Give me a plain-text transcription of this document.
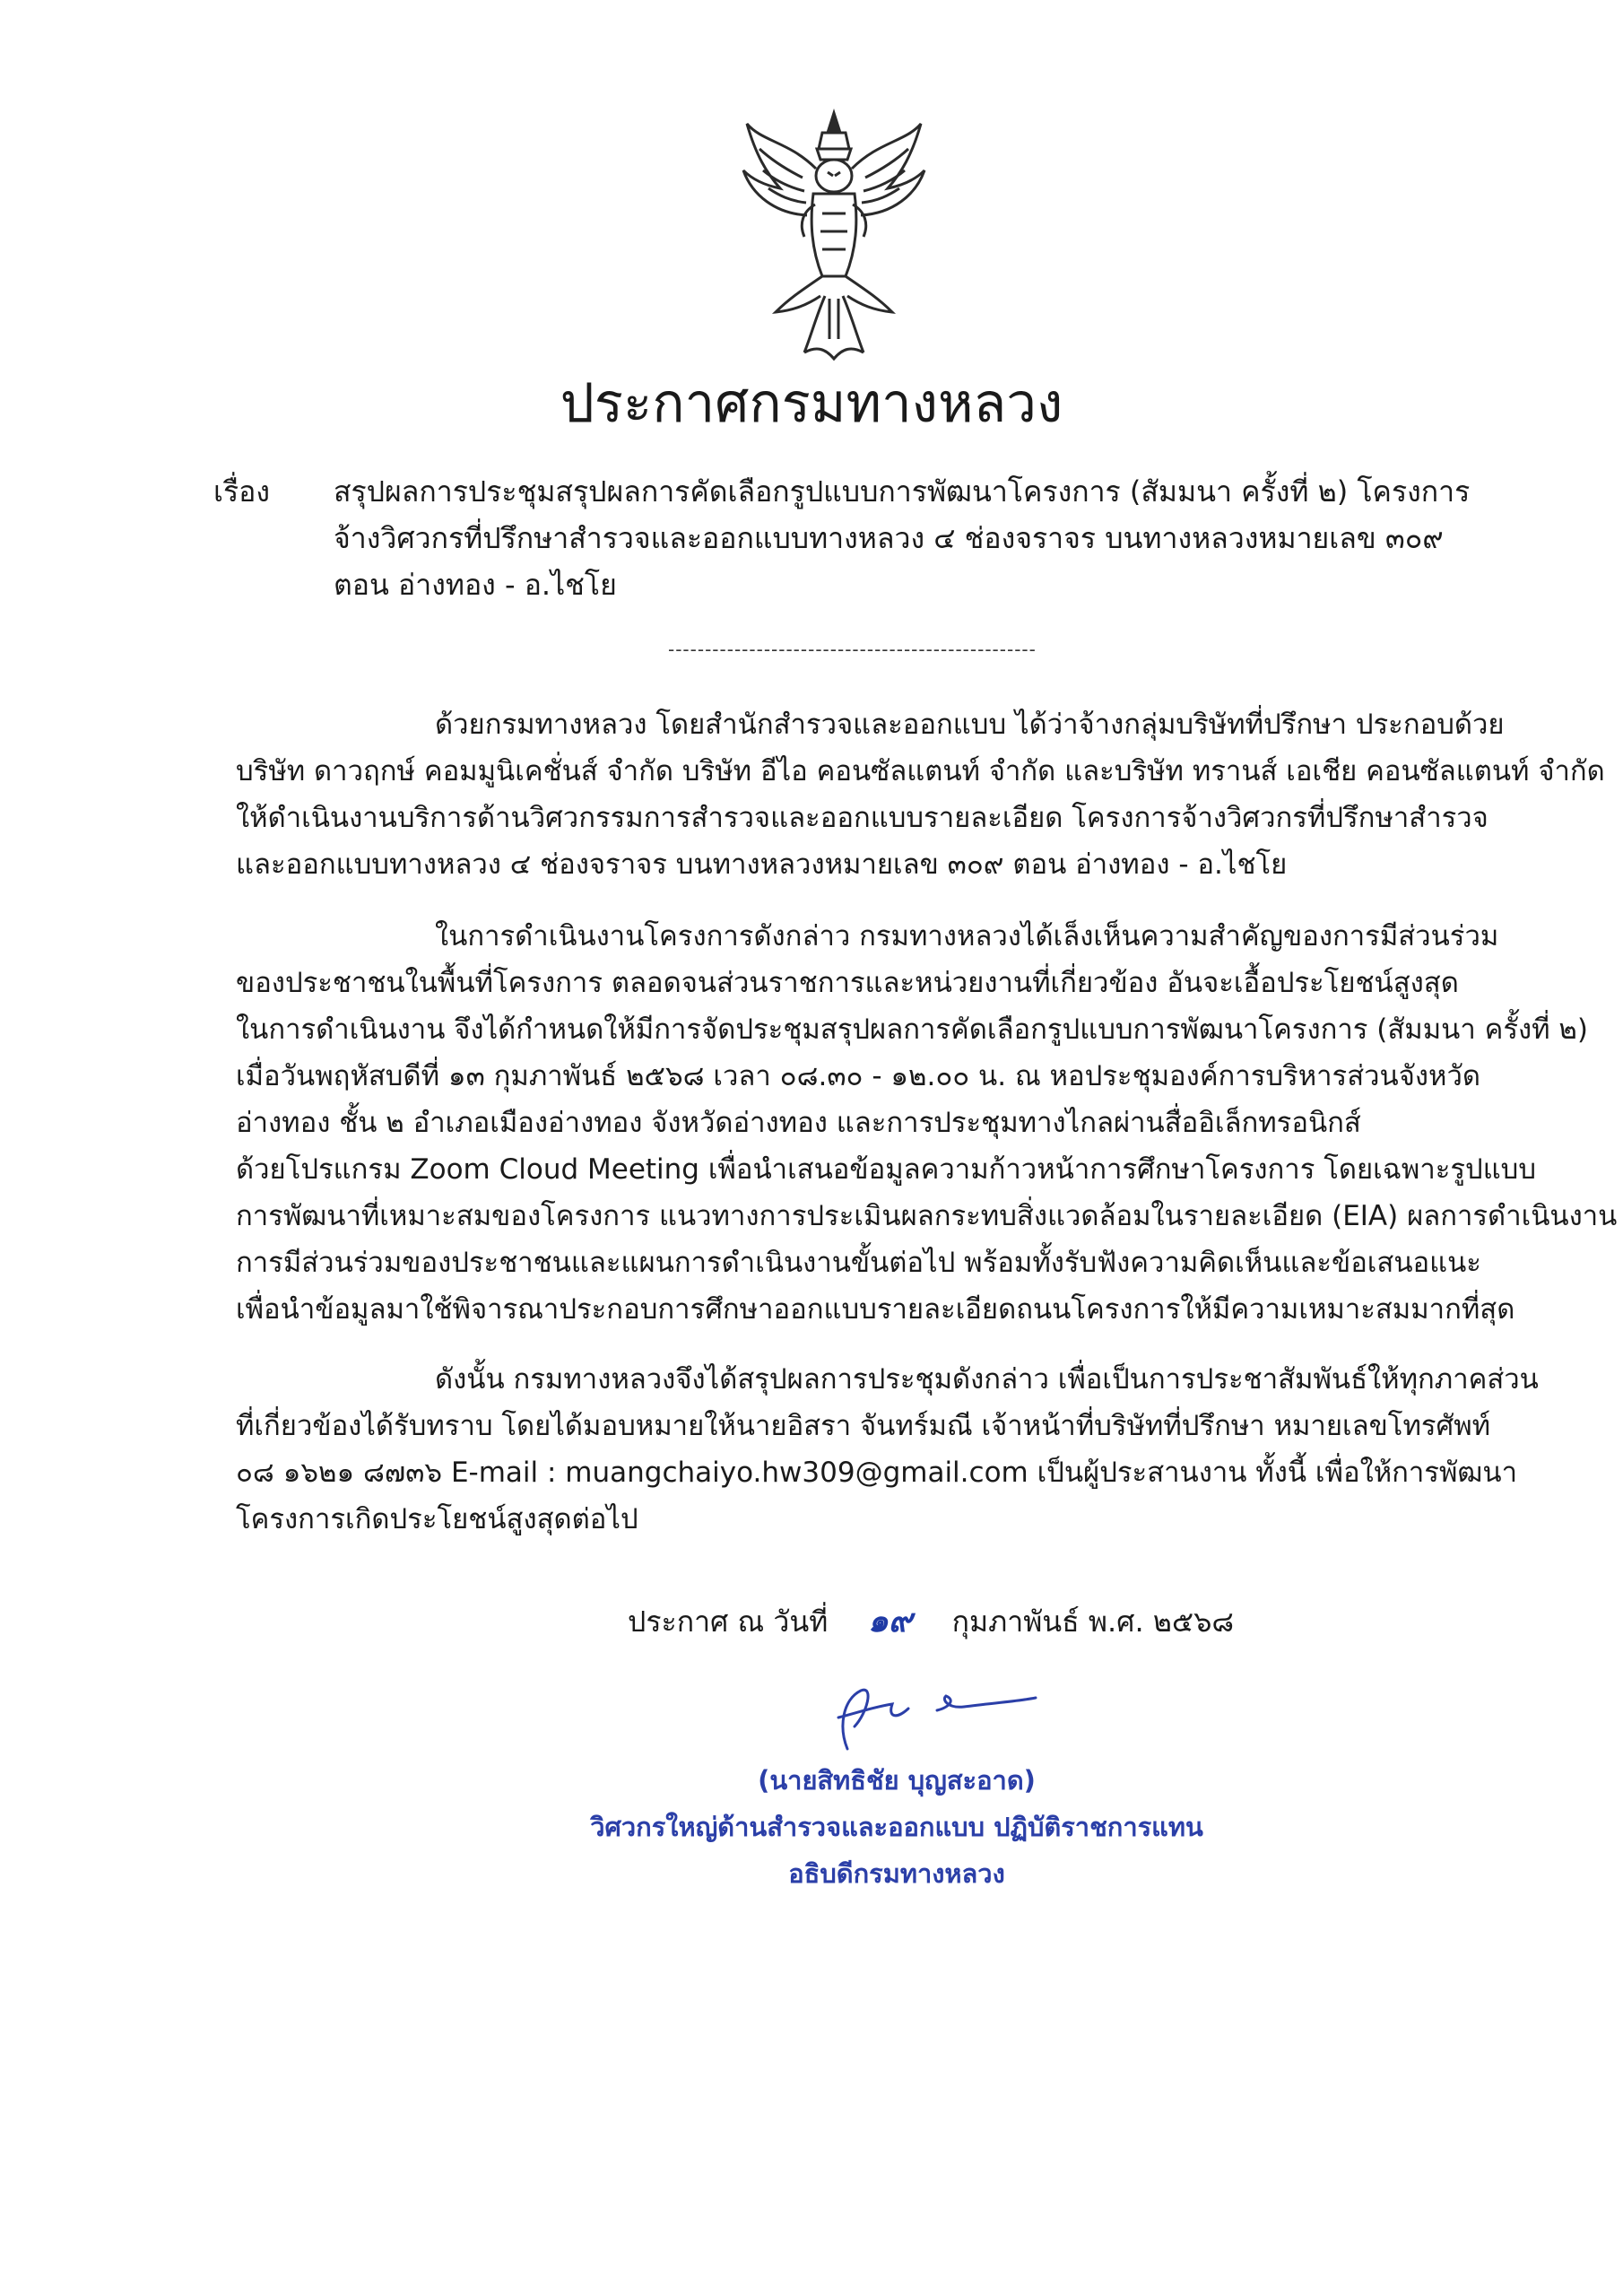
ประกาศกรมทางหลวง
เรื่อง สรุปผลการประชุมสรุปผลการคัดเลือกรูปแบบการพัฒนาโครงการ (สัมมนา ครั้งที่ ๒) โครงการ
จ้างวิศวกรที่ปรึกษาสำรวจและออกแบบทางหลวง ๔ ช่องจราจร บนทางหลวงหมายเลข ๓๐๙
ตอน อ่างทอง - อ.ไชโย
--------------------------------------------------
ด้วยกรมทางหลวง โดยสำนักสำรวจและออกแบบ ได้ว่าจ้างกลุ่มบริษัทที่ปรึกษา ประกอบด้วย
บริษัท ดาวฤกษ์ คอมมูนิเคชั่นส์ จำกัด บริษัท อีไอ คอนซัลแตนท์ จำกัด และบริษัท ทรานส์ เอเชีย คอนซัลแตนท์ จำกัด
ให้ดำเนินงานบริการด้านวิศวกรรมการสำรวจและออกแบบรายละเอียด โครงการจ้างวิศวกรที่ปรึกษาสำรวจ
และออกแบบทางหลวง ๔ ช่องจราจร บนทางหลวงหมายเลข ๓๐๙ ตอน อ่างทอง - อ.ไชโย
ในการดำเนินงานโครงการดังกล่าว กรมทางหลวงได้เล็งเห็นความสำคัญของการมีส่วนร่วม
ของประชาชนในพื้นที่โครงการ ตลอดจนส่วนราชการและหน่วยงานที่เกี่ยวข้อง อันจะเอื้อประโยชน์สูงสุด
ในการดำเนินงาน จึงได้กำหนดให้มีการจัดประชุมสรุปผลการคัดเลือกรูปแบบการพัฒนาโครงการ (สัมมนา ครั้งที่ ๒)
เมื่อวันพฤหัสบดีที่ ๑๓ กุมภาพันธ์ ๒๕๖๘ เวลา ๐๘.๓๐ - ๑๒.๐๐ น. ณ หอประชุมองค์การบริหารส่วนจังหวัด
อ่างทอง ชั้น ๒ อำเภอเมืองอ่างทอง จังหวัดอ่างทอง และการประชุมทางไกลผ่านสื่ออิเล็กทรอนิกส์
ด้วยโปรแกรม Zoom Cloud Meeting เพื่อนำเสนอข้อมูลความก้าวหน้าการศึกษาโครงการ โดยเฉพาะรูปแบบ
การพัฒนาที่เหมาะสมของโครงการ แนวทางการประเมินผลกระทบสิ่งแวดล้อมในรายละเอียด (EIA) ผลการดำเนินงาน
การมีส่วนร่วมของประชาชนและแผนการดำเนินงานขั้นต่อไป พร้อมทั้งรับฟังความคิดเห็นและข้อเสนอแนะ
เพื่อนำข้อมูลมาใช้พิจารณาประกอบการศึกษาออกแบบรายละเอียดถนนโครงการให้มีความเหมาะสมมากที่สุด
ดังนั้น กรมทางหลวงจึงได้สรุปผลการประชุมดังกล่าว เพื่อเป็นการประชาสัมพันธ์ให้ทุกภาคส่วน
ที่เกี่ยวข้องได้รับทราบ โดยได้มอบหมายให้นายอิสรา จันทร์มณี เจ้าหน้าที่บริษัทที่ปรึกษา หมายเลขโทรศัพท์
๐๘ ๑๖๒๑ ๘๗๓๖ E-mail : muangchaiyo.hw309@gmail.com เป็นผู้ประสานงาน ทั้งนี้ เพื่อให้การพัฒนา
โครงการเกิดประโยชน์สูงสุดต่อไป
ประกาศ ณ วันที่ ๑๙ กุมภาพันธ์ พ.ศ. ๒๕๖๘
(นายสิทธิชัย บุญสะอาด)
วิศวกรใหญ่ด้านสำรวจและออกแบบ ปฏิบัติราชการแทน
อธิบดีกรมทางหลวง
